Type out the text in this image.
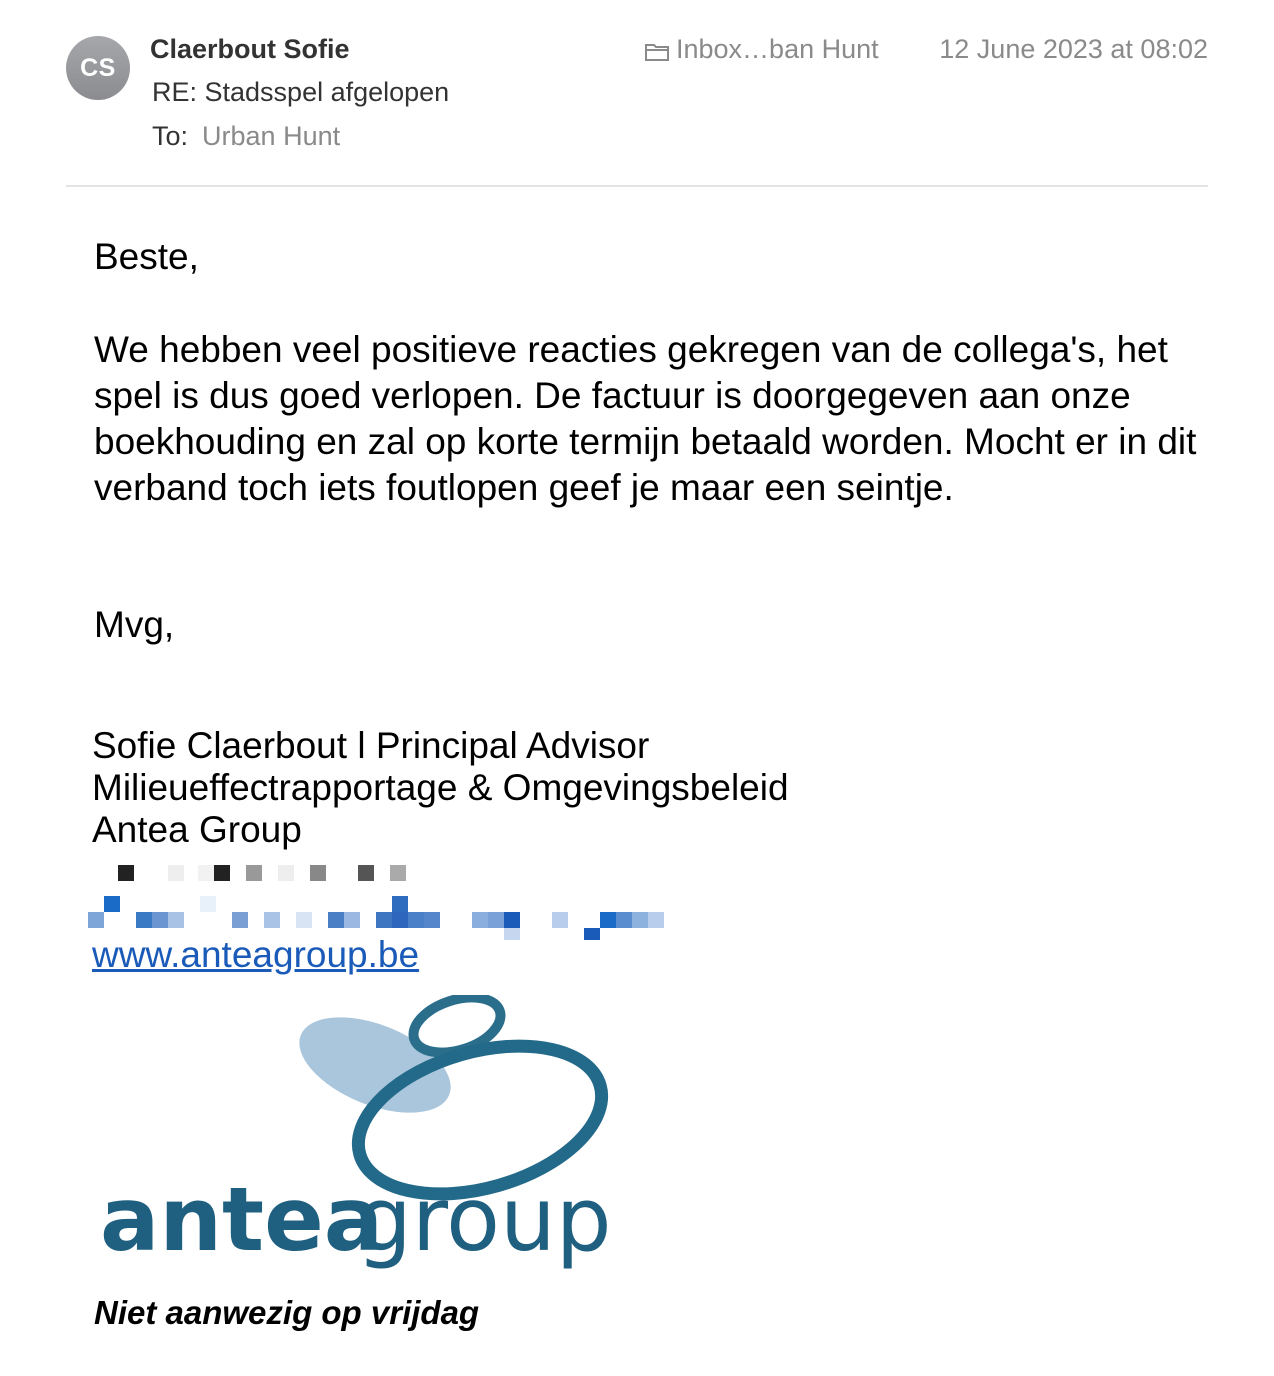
CS
Claerbout Sofie
RE: Stadsspel afgelopen
To: Urban Hunt
Inbox…ban Hunt 12 June 2023 at 08:02
Beste,
We hebben veel positieve reacties gekregen van de collega's, het spel is dus goed verlopen. De factuur is doorgegeven aan onze boekhouding en zal op korte termijn betaald worden. Mocht er in dit verband toch iets foutlopen geef je maar een seintje.
Mvg,
Sofie Claerbout l Principal Advisor
Milieueffectrapportage & Omgevingsbeleid
Antea Group
www.anteagroup.be
antea
group
Niet aanwezig op vrijdag
